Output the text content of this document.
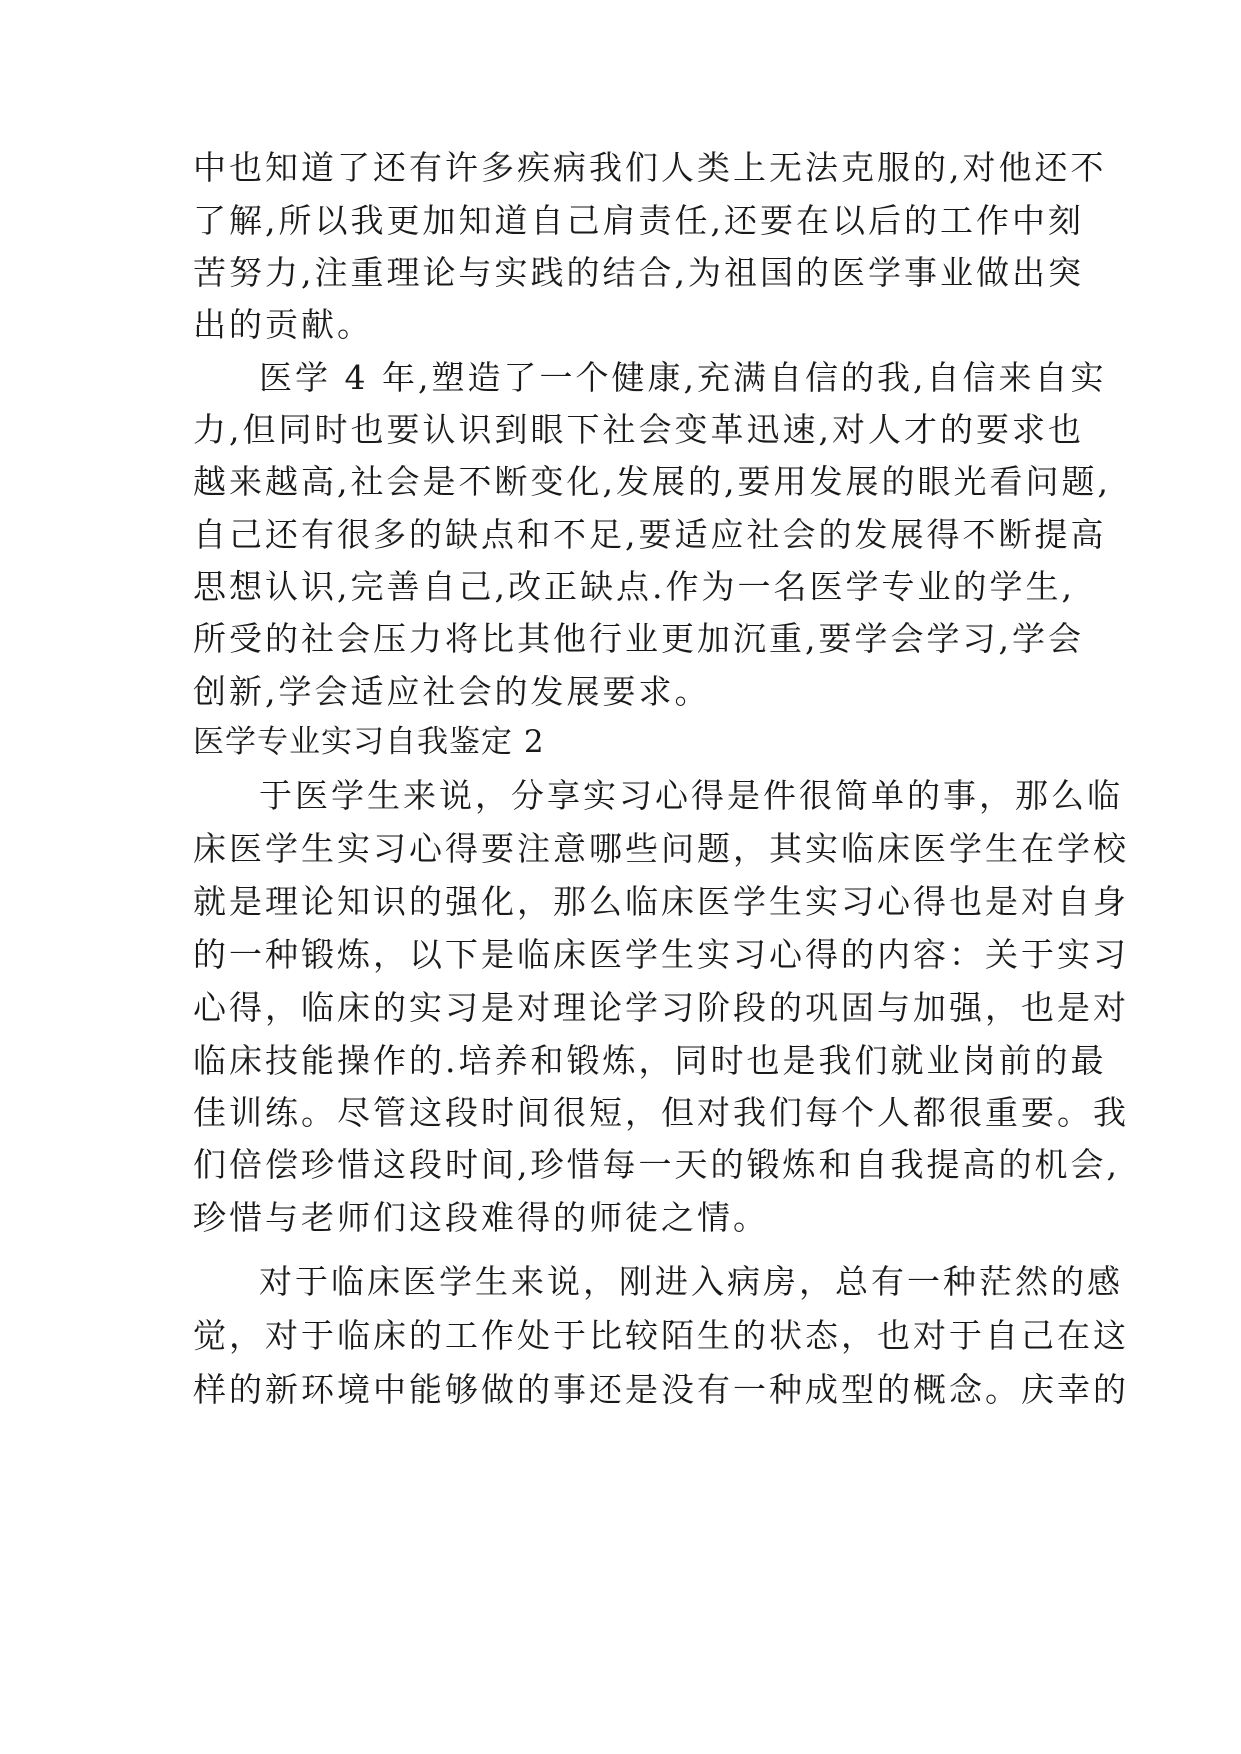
中也知道了还有许多疾病我们人类上无法克服的,对他还不
了解,所以我更加知道自己肩责任,还要在以后的工作中刻
苦努力,注重理论与实践的结合,为祖国的医学事业做出突
出的贡献。
医学 4 年,塑造了一个健康,充满自信的我,自信来自实
力,但同时也要认识到眼下社会变革迅速,对人才的要求也
越来越高,社会是不断变化,发展的,要用发展的眼光看问题,
自己还有很多的缺点和不足,要适应社会的发展得不断提高
思想认识,完善自己,改正缺点.作为一名医学专业的学生,
所受的社会压力将比其他行业更加沉重,要学会学习,学会
创新,学会适应社会的发展要求。
医学专业实习自我鉴定 2
于医学生来说，分享实习心得是件很简单的事，那么临
床医学生实习心得要注意哪些问题，其实临床医学生在学校
就是理论知识的强化，那么临床医学生实习心得也是对自身
的一种锻炼，以下是临床医学生实习心得的内容：关于实习
心得，临床的实习是对理论学习阶段的巩固与加强，也是对
临床技能操作的.培养和锻炼，同时也是我们就业岗前的最
佳训练。尽管这段时间很短，但对我们每个人都很重要。我
们倍偿珍惜这段时间,珍惜每一天的锻炼和自我提高的机会,
珍惜与老师们这段难得的师徒之情。
对于临床医学生来说，刚进入病房，总有一种茫然的感
觉，对于临床的工作处于比较陌生的状态，也对于自己在这
样的新环境中能够做的事还是没有一种成型的概念。庆幸的
